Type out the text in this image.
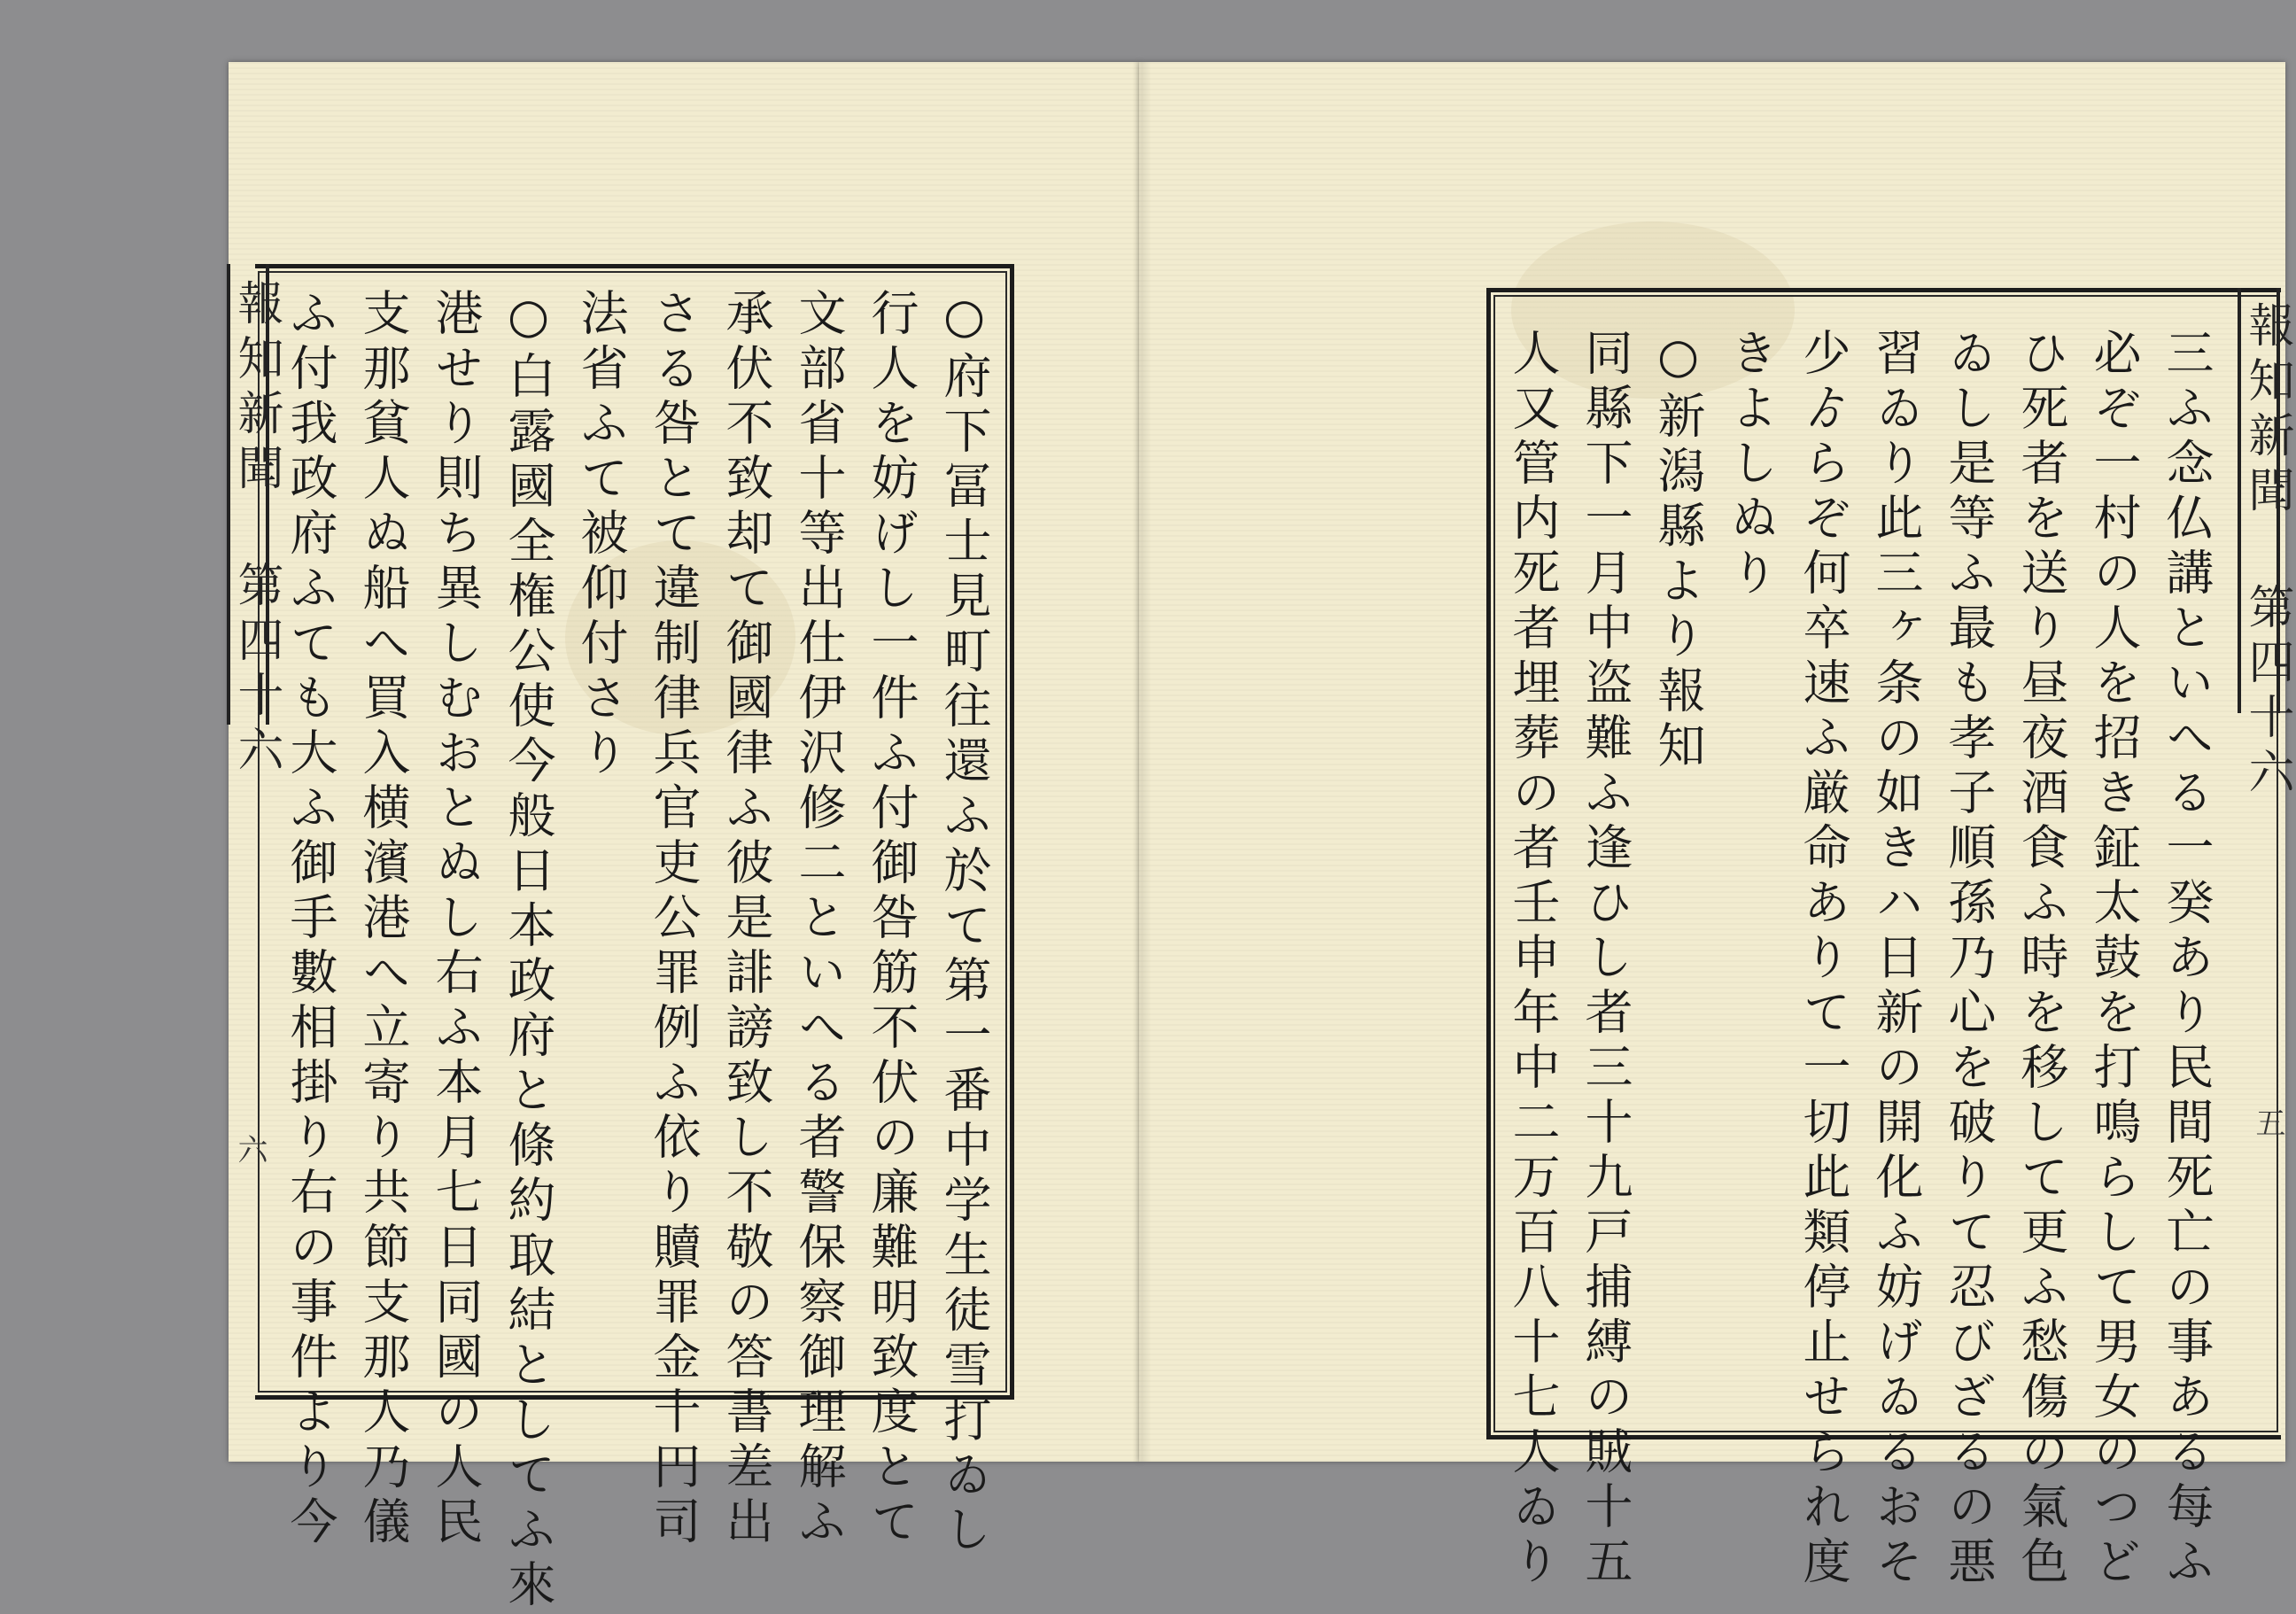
報知新聞 第四十六
六	○府下冨士見町往還ふ於て第一番中学生徒雪打ゐし
行人を妨げし一件ふ付御咎筋不伏の廉難明致度とて
文部省十等出仕伊沢修二といへる者警保察御理解ふ
承伏不致却て御國律ふ彼是誹謗致し不敬の答書差出
さる咎とて違制律兵官吏公罪例ふ依り贖罪金十円司
法省ふて被仰付さり
○白露國全権公使今般日本政府と條約取結としてふ來
港せり則ち異しむおとぬし右ふ本月七日同國の人民
支那貧人ぬ船へ買入横濱港へ立寄り共節支那人乃儀
ふ付我政府ふても大ふ御手數相掛り右の事件より今	報知新聞 第四十六
五
三ふ念仏講といへる一癸あり民間死亡の事ある每ふ
必ぞ一村の人を招き鉦太鼓を打鳴らして男女のつど
ひ死者を送り昼夜酒食ふ時を移して更ふ愁傷の氣色
ゐし是等ふ最も孝子順孫乃心を破りて忍びざるの悪
習ゐり此三ヶ条の如きハ日新の開化ふ妨げゐるおそ
少ゟらぞ何卒速ふ厳命ありて一切此類停止せられ度
きよしぬり
○新潟縣より報知
同縣下一月中盗難ふ逢ひし者三十九戸捕縛の賊十五
人又管内死者埋葬の者壬申年中二万百八十七人ゐり
